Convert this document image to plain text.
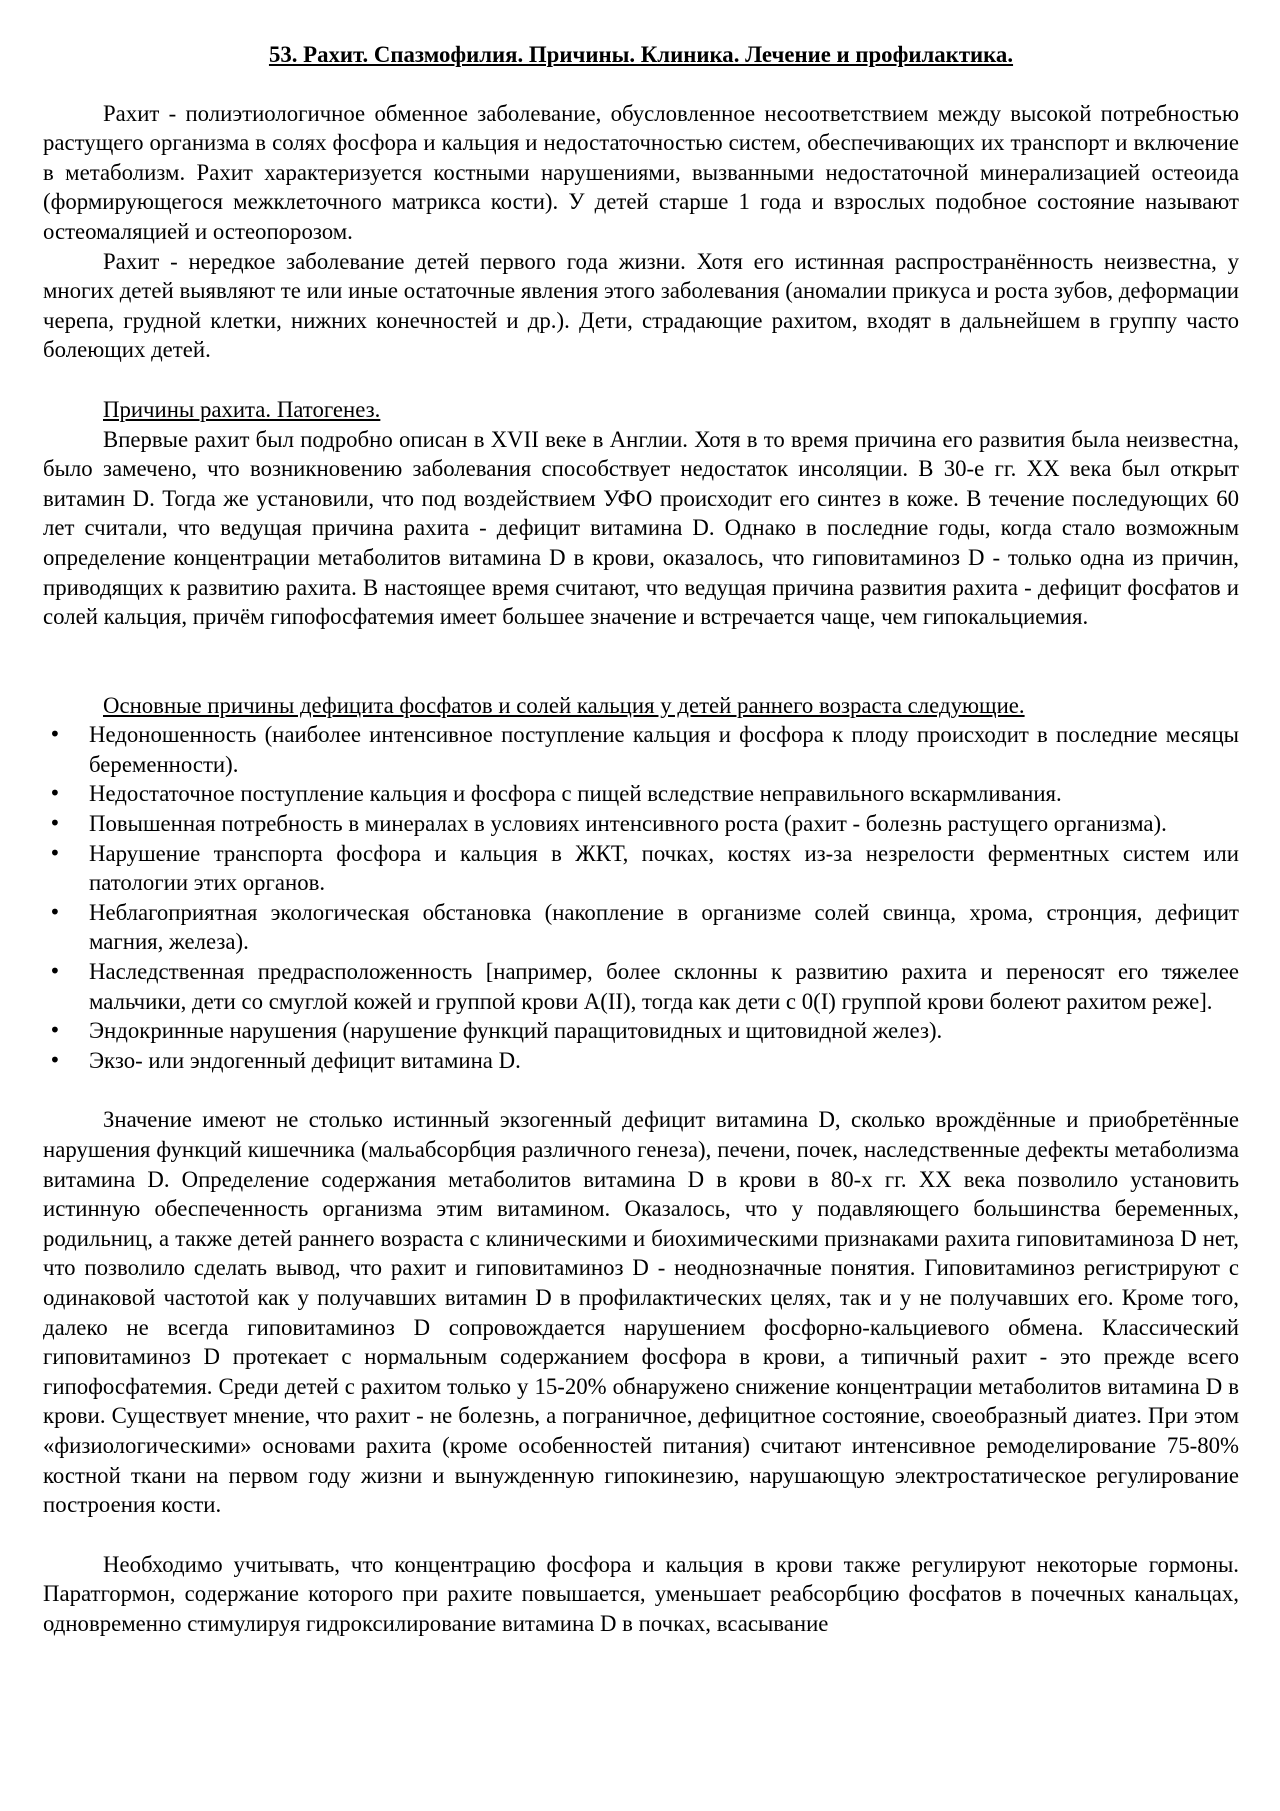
53. Рахит. Спазмофилия. Причины. Клиника. Лечение и профилактика.

Рахит - полиэтиологичное обменное заболевание, обусловленное несоответствием между высокой потребностью растущего организма в солях фосфора и кальция и недостаточностью систем, обеспечивающих их транспорт и включение в метаболизм. Рахит характеризуется костными нарушениями, вызванными недостаточной минерализацией остеоида (формирующегося межклеточного матрикса кости). У детей старше 1 года и взрослых подобное состояние называют остеомаляцией и остеопорозом.

Рахит - нередкое заболевание детей первого года жизни. Хотя его истинная распространённость неизвестна, у многих детей выявляют те или иные остаточные явления этого заболевания (аномалии прикуса и роста зубов, деформации черепа, грудной клетки, нижних конечностей и др.). Дети, страдающие рахитом, входят в дальнейшем в группу часто болеющих детей.

Причины рахита. Патогенез.

Впервые рахит был подробно описан в XVII веке в Англии. Хотя в то время причина его развития была неизвестна, было замечено, что возникновению заболевания способствует недостаток инсоляции. В 30-е гг. XX века был открыт витамин D. Тогда же установили, что под воздействием УФО происходит его синтез в коже. В течение последующих 60 лет считали, что ведущая причина рахита - дефицит витамина D. Однако в последние годы, когда стало возможным определение концентрации метаболитов витамина D в крови, оказалось, что гиповитаминоз D - только одна из причин, приводящих к развитию рахита. В настоящее время считают, что ведущая причина развития рахита - дефицит фосфатов и солей кальция, причём гипофосфатемия имеет большее значение и встречается чаще, чем гипокальциемия.

Основные причины дефицита фосфатов и солей кальция у детей раннего возраста следующие.

• Недоношенность (наиболее интенсивное поступление кальция и фосфора к плоду происходит в последние месяцы беременности).
• Недостаточное поступление кальция и фосфора с пищей вследствие неправильного вскармливания.
• Повышенная потребность в минералах в условиях интенсивного роста (рахит - болезнь растущего организма).
• Нарушение транспорта фосфора и кальция в ЖКТ, почках, костях из-за незрелости ферментных систем или патологии этих органов.
• Неблагоприятная экологическая обстановка (накопление в организме солей свинца, хрома, стронция, дефицит магния, железа).
• Наследственная предрасположенность [например, более склонны к развитию рахита и переносят его тяжелее мальчики, дети со смуглой кожей и группой крови A(II), тогда как дети с 0(I) группой крови болеют рахитом реже].
• Эндокринные нарушения (нарушение функций паращитовидных и щитовидной желез).
• Экзо- или эндогенный дефицит витамина D.

Значение имеют не столько истинный экзогенный дефицит витамина D, сколько врождённые и приобретённые нарушения функций кишечника (мальабсорбция различного генеза), печени, почек, наследственные дефекты метаболизма витамина D. Определение содержания метаболитов витамина D в крови в 80-х гг. XX века позволило установить истинную обеспеченность организма этим витамином. Оказалось, что у подавляющего большинства беременных, родильниц, а также детей раннего возраста с клиническими и биохимическими признаками рахита гиповитаминоза D нет, что позволило сделать вывод, что рахит и гиповитаминоз D - неоднозначные понятия. Гиповитаминоз регистрируют с одинаковой частотой как у получавших витамин D в профилактических целях, так и у не получавших его. Кроме того, далеко не всегда гиповитаминоз D сопровождается нарушением фосфорно-кальциевого обмена. Классический гиповитаминоз D протекает с нормальным содержанием фосфора в крови, а типичный рахит - это прежде всего гипофосфатемия. Среди детей с рахитом только у 15-20% обнаружено снижение концентрации метаболитов витамина D в крови. Существует мнение, что рахит - не болезнь, а пограничное, дефицитное состояние, своеобразный диатез. При этом «физиологическими» основами рахита (кроме особенностей питания) считают интенсивное ремоделирование 75-80% костной ткани на первом году жизни и вынужденную гипокинезию, нарушающую электростатическое регулирование построения кости.

Необходимо учитывать, что концентрацию фосфора и кальция в крови также регулируют некоторые гормоны. Паратгормон, содержание которого при рахите повышается, уменьшает реабсорбцию фосфатов в почечных канальцах, одновременно стимулируя гидроксилирование витамина D в почках, всасывание
